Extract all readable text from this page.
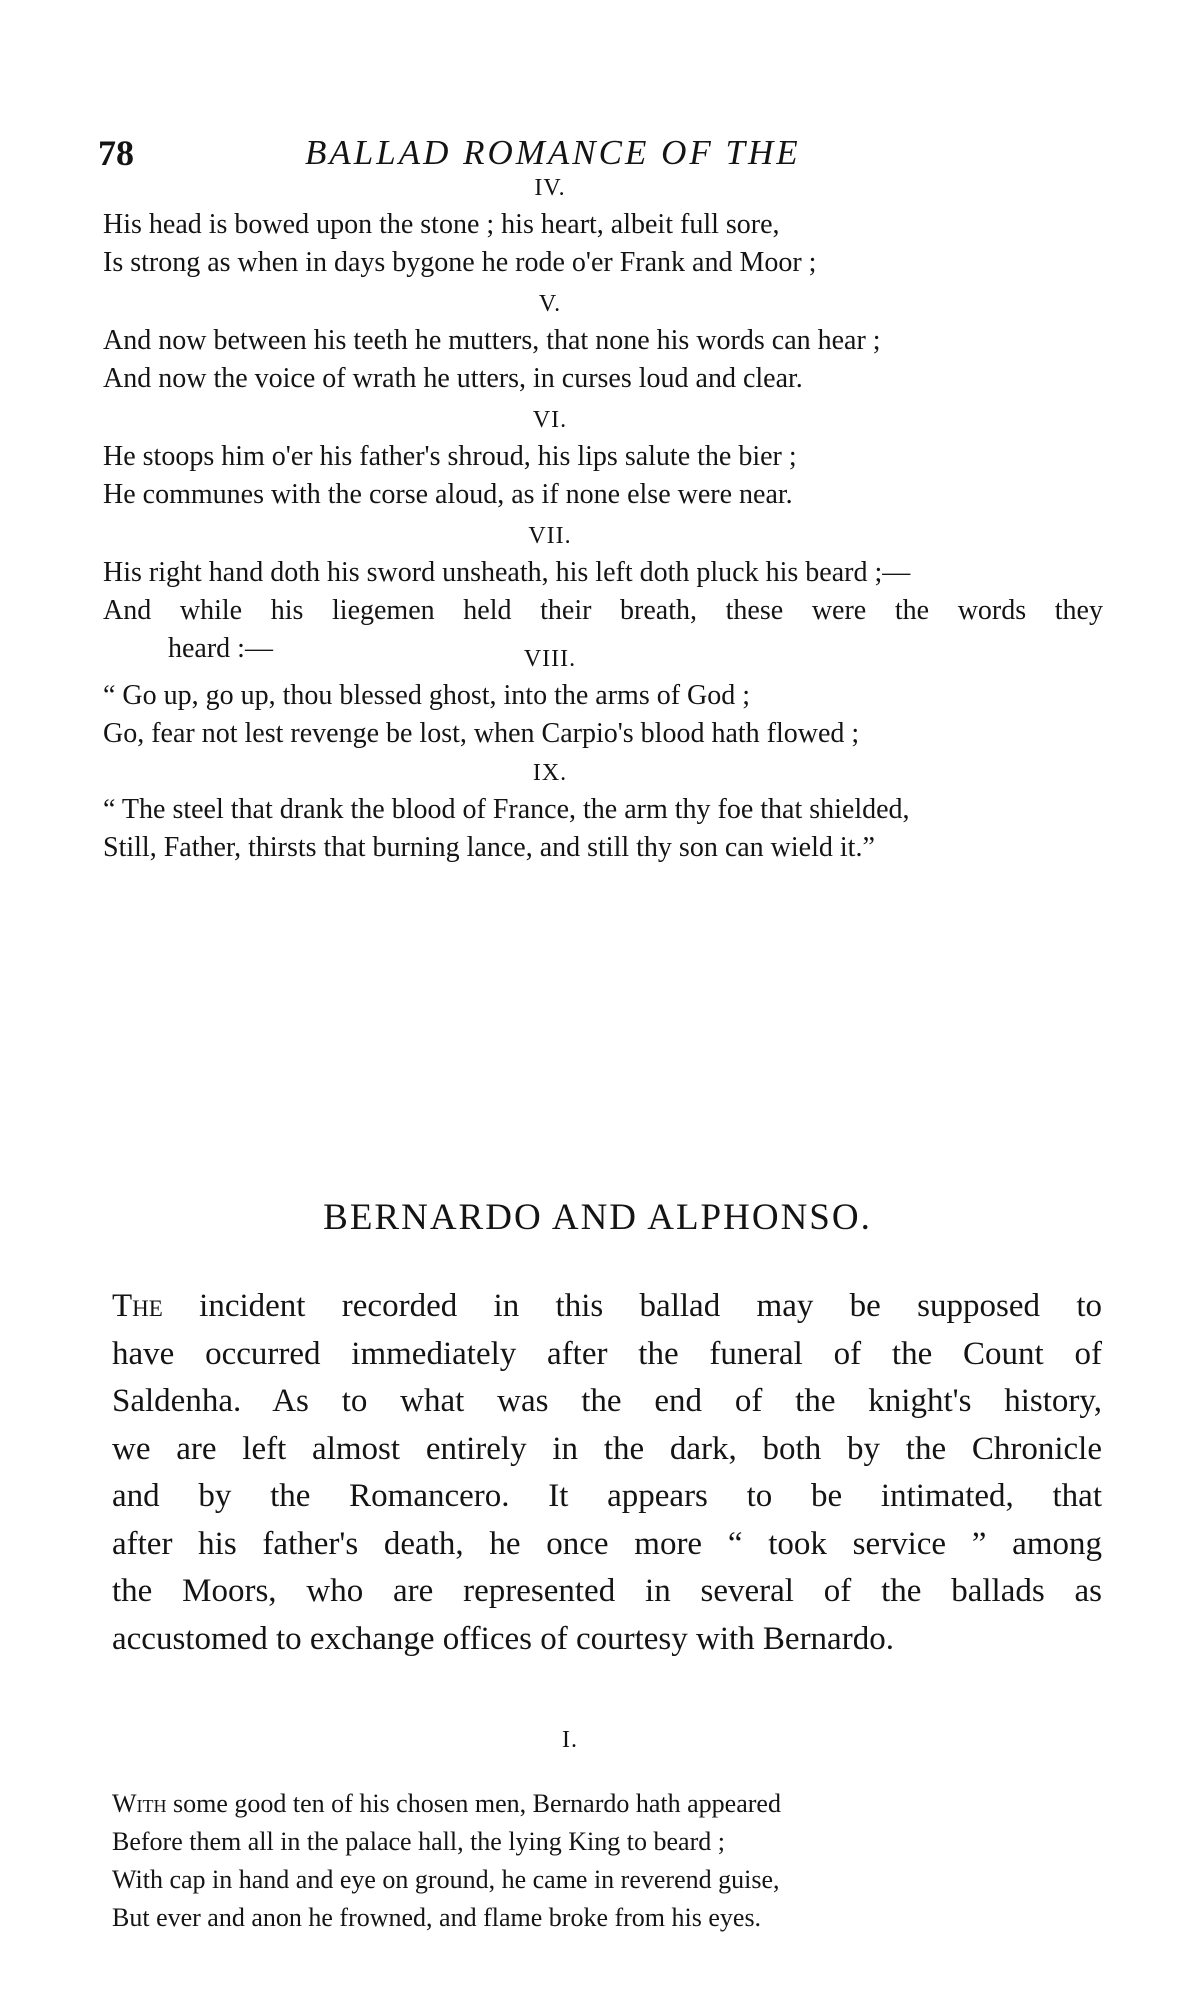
78	BALLAD ROMANCE OF THE
IV.
His head is bowed upon the stone ; his heart, albeit full sore,
Is strong as when in days bygone he rode o'er Frank and Moor ;
V.
And now between his teeth he mutters, that none his words can hear ;
And now the voice of wrath he utters, in curses loud and clear.
VI.
He stoops him o'er his father's shroud, his lips salute the bier ;
He communes with the corse aloud, as if none else were near.
VII.
His right hand doth his sword unsheath, his left doth pluck his beard ;—
And while his liegemen held their breath, these were the words they
heard :—	VIII.
“ Go up, go up, thou blessed ghost, into the arms of God ;
Go, fear not lest revenge be lost, when Carpio's blood hath flowed ;
IX.
“ The steel that drank the blood of France, the arm thy foe that shielded,
Still, Father, thirsts that burning lance, and still thy son can wield it.”
BERNARDO AND ALPHONSO.
The incident recorded in this ballad may be supposed to
have occurred immediately after the funeral of the Count of
Saldenha. As to what was the end of the knight's history,
we are left almost entirely in the dark, both by the Chronicle
and by the Romancero. It appears to be intimated, that
after his father's death, he once more “ took service ” among
the Moors, who are represented in several of the ballads as
accustomed to exchange offices of courtesy with Bernardo.
I.
With some good ten of his chosen men, Bernardo hath appeared
Before them all in the palace hall, the lying King to beard ;
With cap in hand and eye on ground, he came in reverend guise,
But ever and anon he frowned, and flame broke from his eyes.
